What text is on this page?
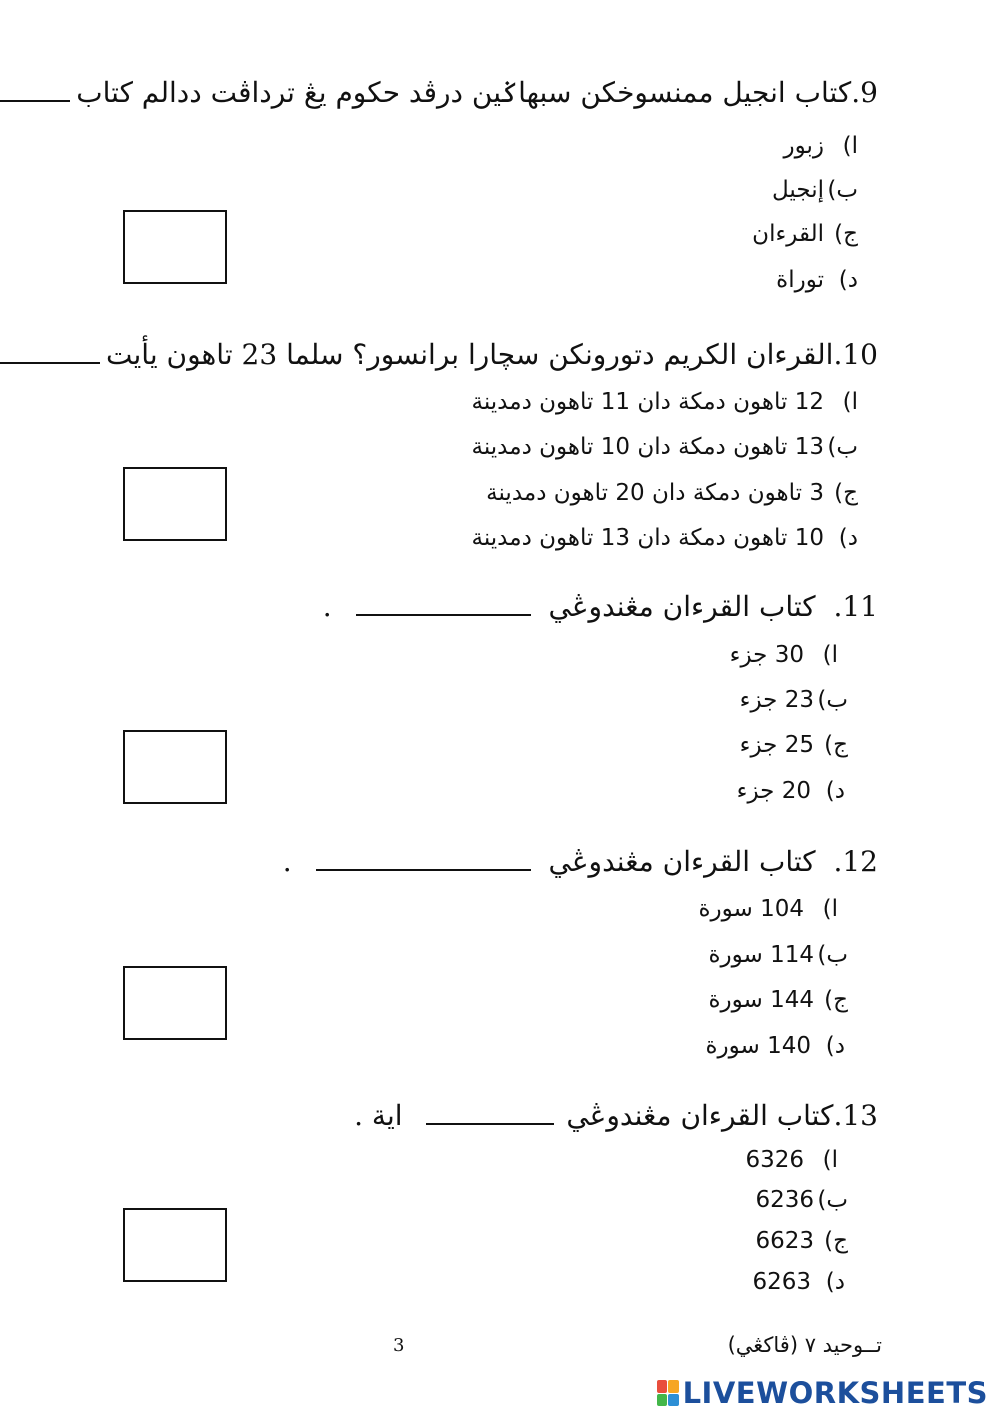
9.كتاب انجيل ممنسوخكن سبهاݢين درڤد حكوم يڠ ترداڤت ددالم كتاب
ا)زبور
ب)إنجيل
ج)القرءان
د)توراة
10.القرءان الكريم دتورونكن سچارا برانسور؟ سلما 23 تاهون يأيت
ا)12 تاهون دمكة دان 11 تاهون دمدينة
ب)13 تاهون دمكة دان 10 تاهون دمدينة
ج)3 تاهون دمكة دان 20 تاهون دمدينة
د)10 تاهون دمكة دان 13 تاهون دمدينة
11.  كتاب القرءان مڠندوڠي  .
ا)30 جزء
ب)23 جزء
ج)25 جزء
د)20 جزء
12.  كتاب القرءان مڠندوڠي  .
ا)104 سورة
ب)114 سورة
ج)144 سورة
د)140 سورة
13.كتاب القرءان مڠندوڠي  اية .
ا)6326
ب)6236
ج)6623
د)6263
تــوحيد ٧ (ڤاکڠي)
3
LIVEWORKSHEETS
